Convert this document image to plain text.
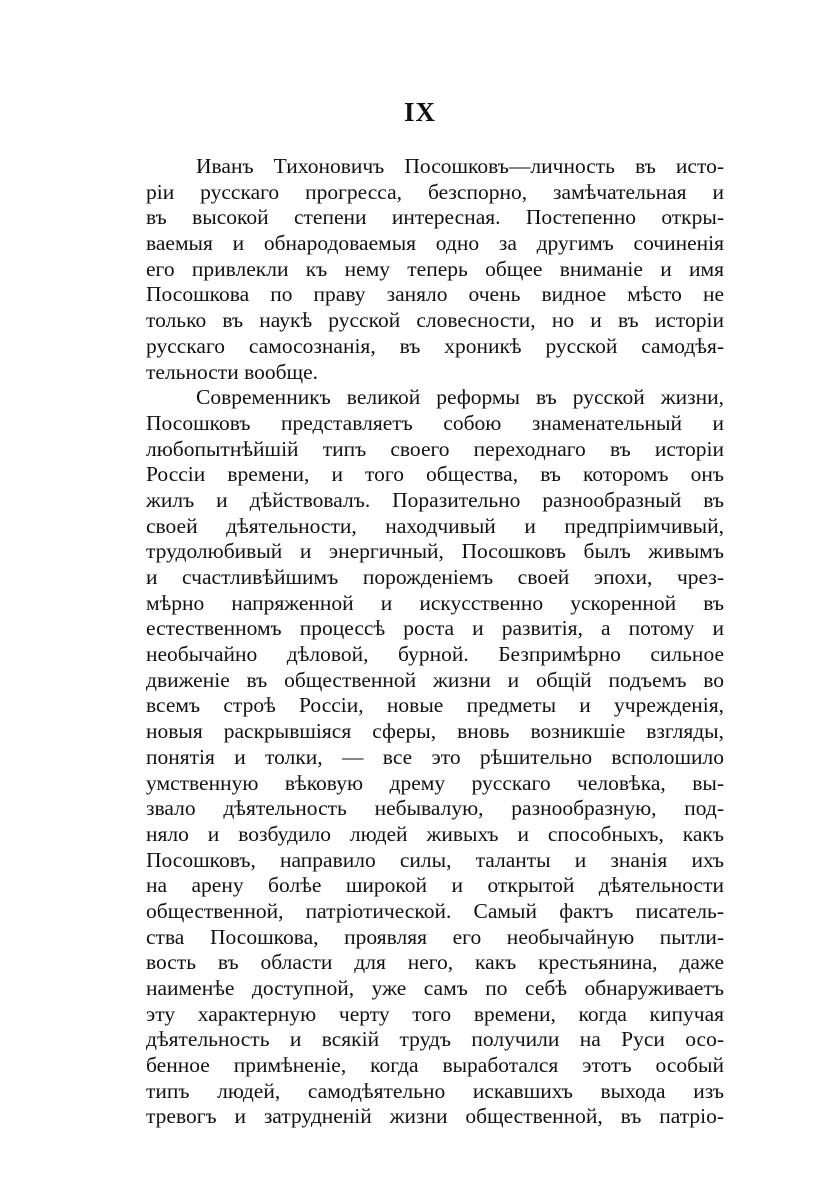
IX
Иванъ Тихоновичъ Посошковъ—личность въ исто-
рiи русскаго прогресса, безспорно, замѣчательная и
въ высокой степени интересная. Постепенно откры-
ваемыя и обнародоваемыя одно за другимъ сочиненiя
его привлекли къ нему теперь общее вниманiе и имя
Посошкова по праву заняло очень видное мѣсто не
только въ наукѣ русской словесности, но и въ исторiи
русскаго самосознанiя, въ хроникѣ русской самодѣя-
тельности вообще.
Современникъ великой реформы въ русской жизни,
Посошковъ представляетъ собою знаменательный и
любопытнѣйшiй типъ своего переходнаго въ исторiи
Россiи времени, и того общества, въ которомъ онъ
жилъ и дѣйствовалъ. Поразительно разнообразный въ
своей дѣятельности, находчивый и предпрiимчивый,
трудолюбивый и энергичный, Посошковъ былъ живымъ
и счастливѣйшимъ порожденiемъ своей эпохи, чрез-
мѣрно напряженной и искусственно ускоренной въ
естественномъ процессѣ роста и развитiя, а потому и
необычайно дѣловой, бурной. Безпримѣрно сильное
движенiе въ общественной жизни и общiй подъемъ во
всемъ строѣ Россiи, новые предметы и учрежденiя,
новыя раскрывшiяся сферы, вновь возникшiе взгляды,
понятiя и толки, — все это рѣшительно всполошило
умственную вѣковую дрему русскаго человѣка, вы-
звало дѣятельность небывалую, разнообразную, под-
няло и возбудило людей живыхъ и способныхъ, какъ
Посошковъ, направило силы, таланты и знанiя ихъ
на арену болѣе широкой и открытой дѣятельности
общественной, патрiотической. Самый фактъ писатель-
ства Посошкова, проявляя его необычайную пытли-
вость въ области для него, какъ крестьянина, даже
наименѣе доступной, уже самъ по себѣ обнаруживаетъ
эту характерную черту того времени, когда кипучая
дѣятельность и всякiй трудъ получили на Руси осо-
бенное примѣненiе, когда выработался этотъ особый
типъ людей, самодѣятельно искавшихъ выхода изъ
тревогъ и затрудненiй жизни общественной, въ патрiо-
